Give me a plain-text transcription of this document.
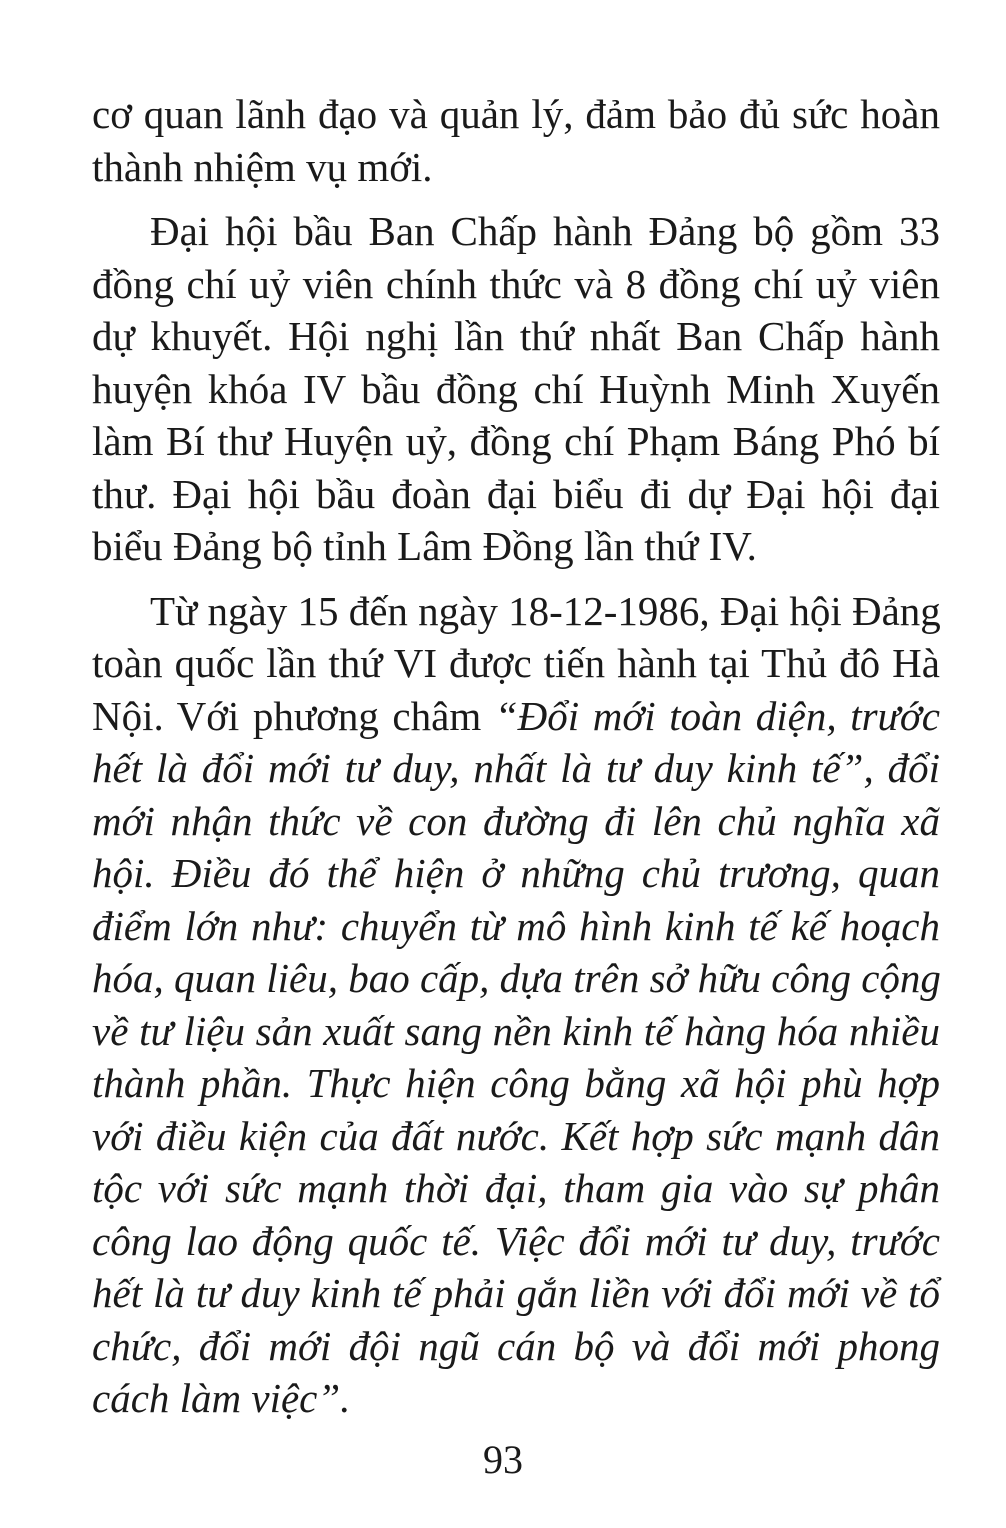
cơ quan lãnh đạo và quản lý, đảm bảo đủ sức hoàn
thành nhiệm vụ mới.
Đại hội bầu Ban Chấp hành Đảng bộ gồm 33
đồng chí uỷ viên chính thức và 8 đồng chí uỷ viên
dự khuyết. Hội nghị lần thứ nhất Ban Chấp hành
huyện khóa IV bầu đồng chí Huỳnh Minh Xuyến
làm Bí thư Huyện uỷ, đồng chí Phạm Báng Phó bí
thư. Đại hội bầu đoàn đại biểu đi dự Đại hội đại
biểu Đảng bộ tỉnh Lâm Đồng lần thứ IV.
Từ ngày 15 đến ngày 18-12-1986, Đại hội Đảng
toàn quốc lần thứ VI được tiến hành tại Thủ đô Hà
Nội. Với phương châm “Đổi mới toàn diện, trước
hết là đổi mới tư duy, nhất là tư duy kinh tế”, đổi
mới nhận thức về con đường đi lên chủ nghĩa xã
hội. Điều đó thể hiện ở những chủ trương, quan
điểm lớn như: chuyển từ mô hình kinh tế kế hoạch
hóa, quan liêu, bao cấp, dựa trên sở hữu công cộng
về tư liệu sản xuất sang nền kinh tế hàng hóa nhiều
thành phần. Thực hiện công bằng xã hội phù hợp
với điều kiện của đất nước. Kết hợp sức mạnh dân
tộc với sức mạnh thời đại, tham gia vào sự phân
công lao động quốc tế. Việc đổi mới tư duy, trước
hết là tư duy kinh tế phải gắn liền với đổi mới về tổ
chức, đổi mới đội ngũ cán bộ và đổi mới phong
cách làm việc”.
93
